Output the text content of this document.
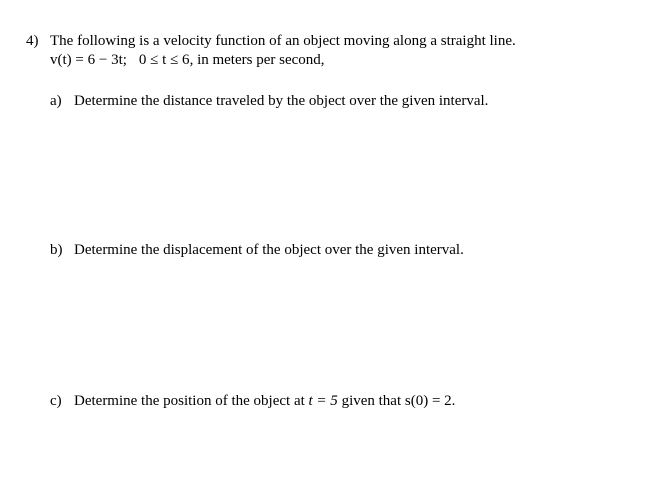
4) The following is a velocity function of an object moving along a straight line.
v(t) = 6 − 3t; 0 ≤ t ≤ 6, in meters per second,
a) Determine the distance traveled by the object over the given interval.
b) Determine the displacement of the object over the given interval.
c) Determine the position of the object at t = 5 given that s(0) = 2.
